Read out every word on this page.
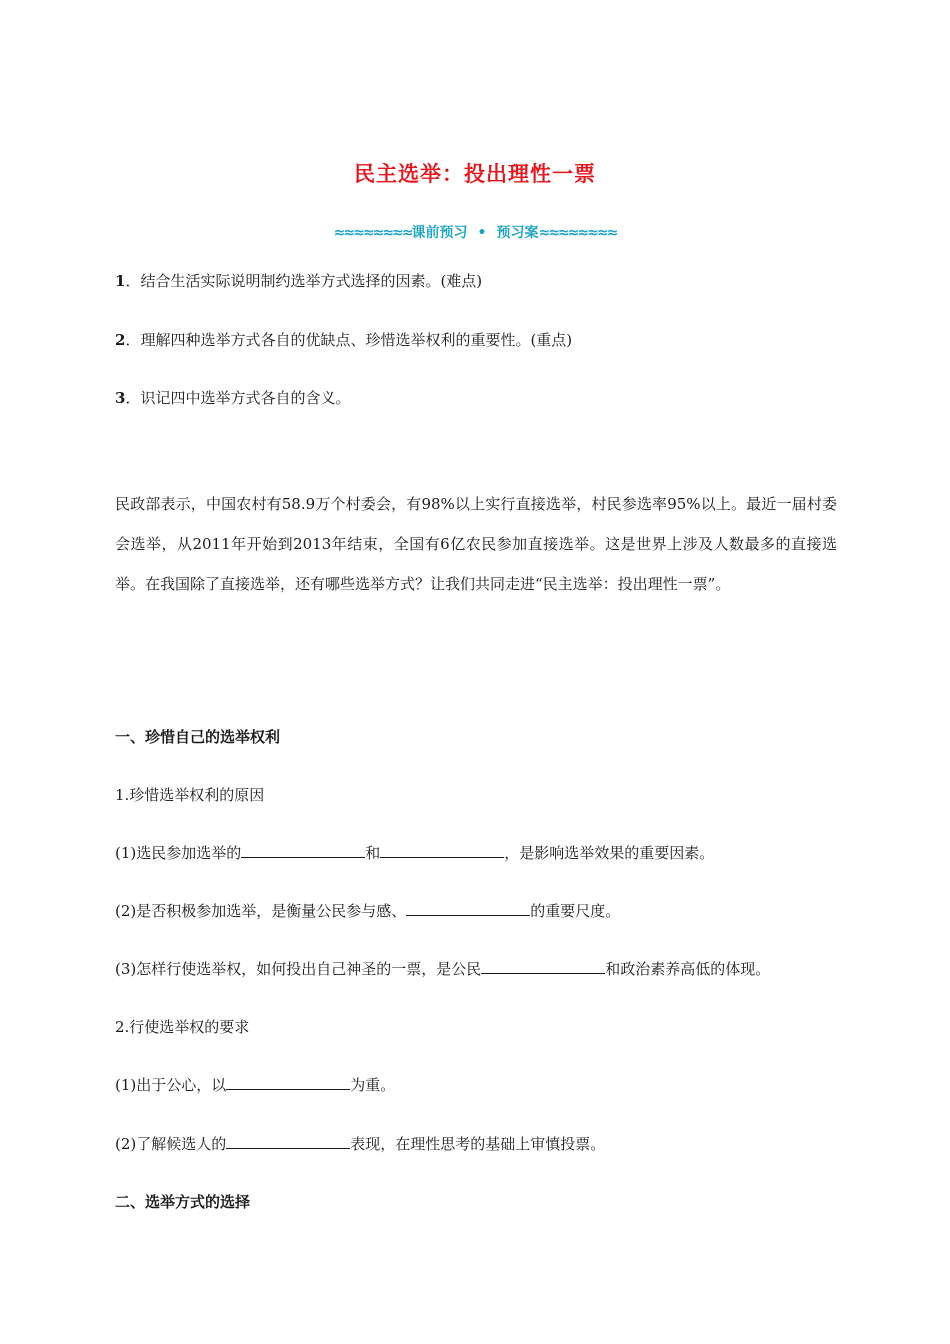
民主选举：投出理性一票
≈≈≈≈≈≈≈≈课前预习 • 预习案≈≈≈≈≈≈≈≈
1．结合生活实际说明制约选举方式选择的因素。(难点)
2．理解四种选举方式各自的优缺点、珍惜选举权利的重要性。(重点)
3．识记四中选举方式各自的含义。
民政部表示，中国农村有58.9万个村委会，有98%以上实行直接选举，村民参选率95%以上。最近一届村委会选举，从2011年开始到2013年结束，全国有6亿农民参加直接选举。这是世界上涉及人数最多的直接选举。在我国除了直接选举，还有哪些选举方式？让我们共同走进“民主选举：投出理性一票”。
一、珍惜自己的选举权利
1.珍惜选举权利的原因
(1)选民参加选举的	和	，是影响选举效果的重要因素。
(2)是否积极参加选举，是衡量公民参与感、	的重要尺度。
(3)怎样行使选举权，如何投出自己神圣的一票，是公民	和政治素养高低的体现。
2.行使选举权的要求
(1)出于公心，以	为重。
(2)了解候选人的	表现，在理性思考的基础上审慎投票。
二、选举方式的选择
